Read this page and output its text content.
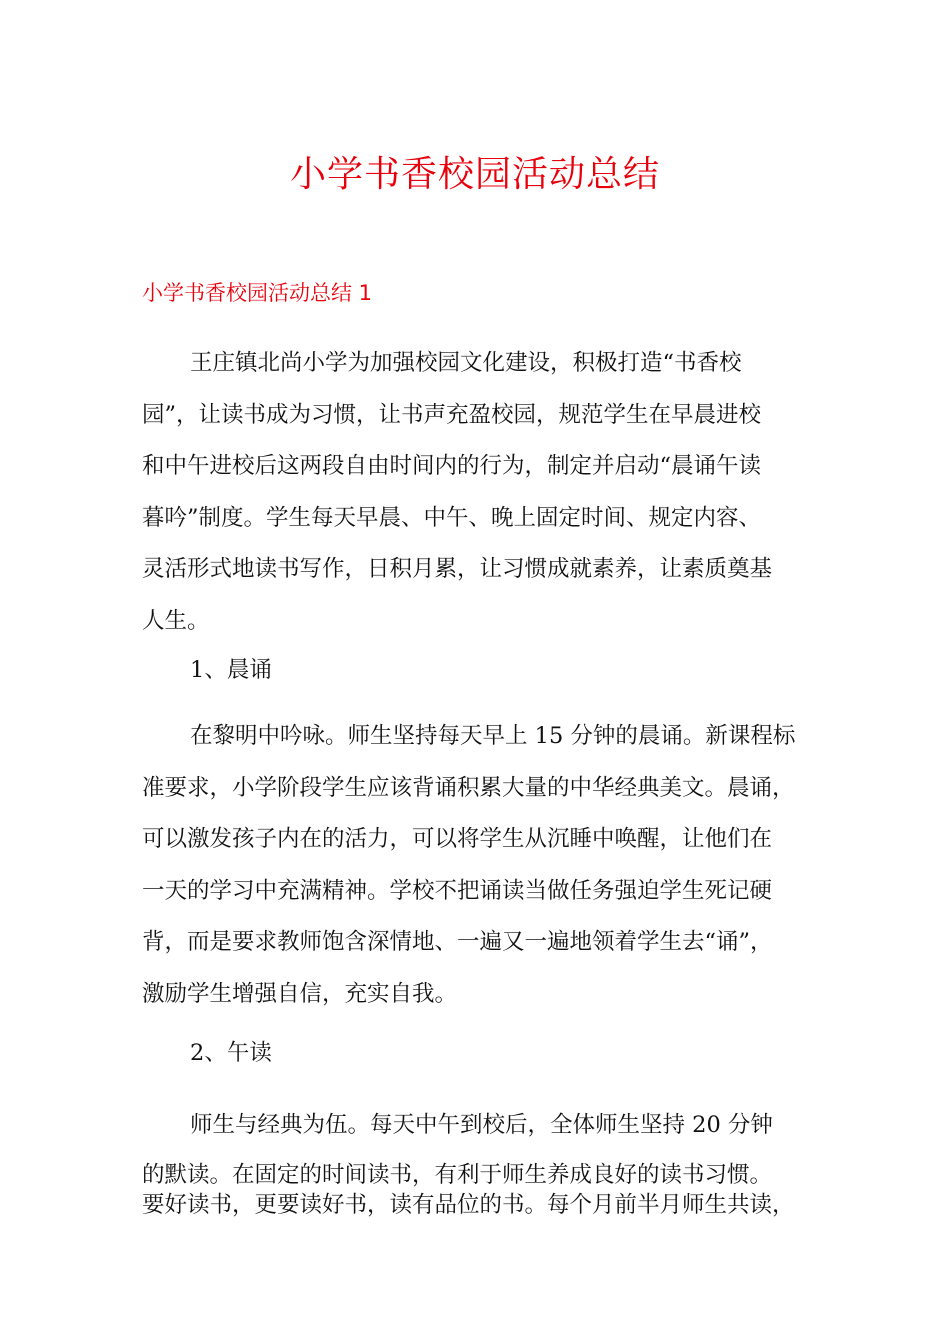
小学书香校园活动总结
小学书香校园活动总结 1
王庄镇北尚小学为加强校园文化建设，积极打造“书香校
园”，让读书成为习惯，让书声充盈校园，规范学生在早晨进校
和中午进校后这两段自由时间内的行为，制定并启动“晨诵午读
暮吟”制度。学生每天早晨、中午、晚上固定时间、规定内容、
灵活形式地读书写作，日积月累，让习惯成就素养，让素质奠基
人生。
1、晨诵
在黎明中吟咏。师生坚持每天早上 15 分钟的晨诵。新课程标
准要求，小学阶段学生应该背诵积累大量的中华经典美文。晨诵，
可以激发孩子内在的活力，可以将学生从沉睡中唤醒，让他们在
一天的学习中充满精神。学校不把诵读当做任务强迫学生死记硬
背，而是要求教师饱含深情地、一遍又一遍地领着学生去“诵”，
激励学生增强自信，充实自我。
2、午读
师生与经典为伍。每天中午到校后，全体师生坚持 20 分钟
的默读。在固定的时间读书，有利于师生养成良好的读书习惯。
要好读书，更要读好书，读有品位的书。每个月前半月师生共读，
